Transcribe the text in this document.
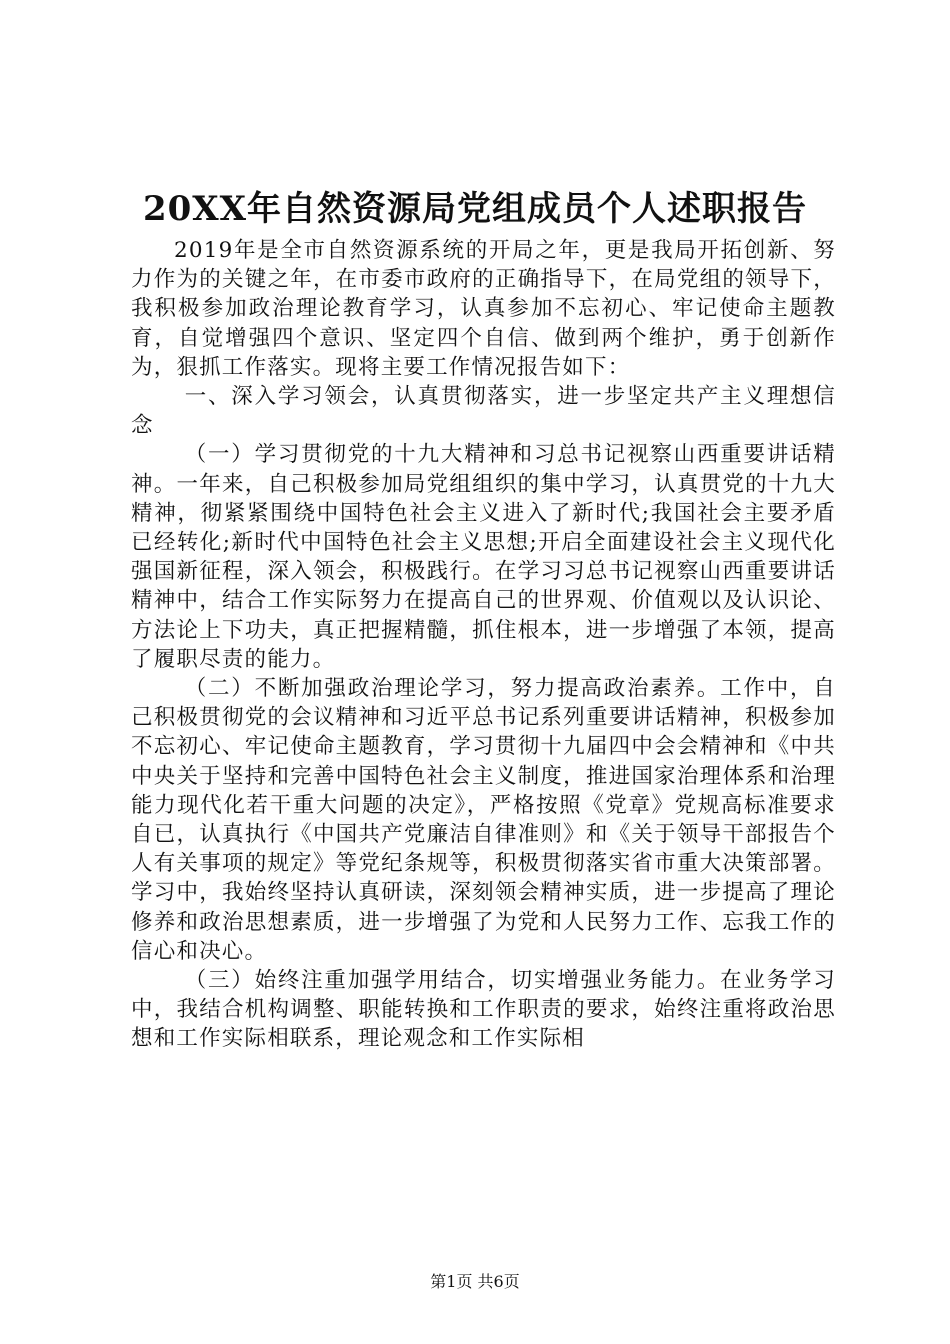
20XX年自然资源局党组成员个人述职报告

2019年是全市自然资源系统的开局之年，更是我局开拓创新、努力作为的关键之年，在市委市政府的正确指导下，在局党组的领导下，我积极参加政治理论教育学习，认真参加不忘初心、牢记使命主题教育，自觉增强四个意识、坚定四个自信、做到两个维护，勇于创新作为，狠抓工作落实。现将主要工作情况报告如下：

一、深入学习领会，认真贯彻落实，进一步坚定共产主义理想信念

（一）学习贯彻党的十九大精神和习总书记视察山西重要讲话精神。一年来，自己积极参加局党组组织的集中学习，认真贯党的十九大精神，彻紧紧围绕中国特色社会主义进入了新时代;我国社会主要矛盾已经转化;新时代中国特色社会主义思想;开启全面建设社会主义现代化强国新征程，深入领会，积极践行。在学习习总书记视察山西重要讲话精神中，结合工作实际努力在提高自己的世界观、价值观以及认识论、方法论上下功夫，真正把握精髓，抓住根本，进一步增强了本领，提高了履职尽责的能力。

（二）不断加强政治理论学习，努力提高政治素养。工作中，自己积极贯彻党的会议精神和习近平总书记系列重要讲话精神，积极参加不忘初心、牢记使命主题教育，学习贯彻十九届四中会会精神和《中共中央关于坚持和完善中国特色社会主义制度，推进国家治理体系和治理能力现代化若干重大问题的决定》，严格按照《党章》党规高标准要求自已，认真执行《中国共产党廉洁自律准则》和《关于领导干部报告个人有关事项的规定》等党纪条规等，积极贯彻落实省市重大决策部署。学习中，我始终坚持认真研读，深刻领会精神实质，进一步提高了理论修养和政治思想素质，进一步增强了为党和人民努力工作、忘我工作的信心和决心。

（三）始终注重加强学用结合，切实增强业务能力。在业务学习中，我结合机构调整、职能转换和工作职责的要求，始终注重将政治思想和工作实际相联系，理论观念和工作实际相

第1页 共6页
